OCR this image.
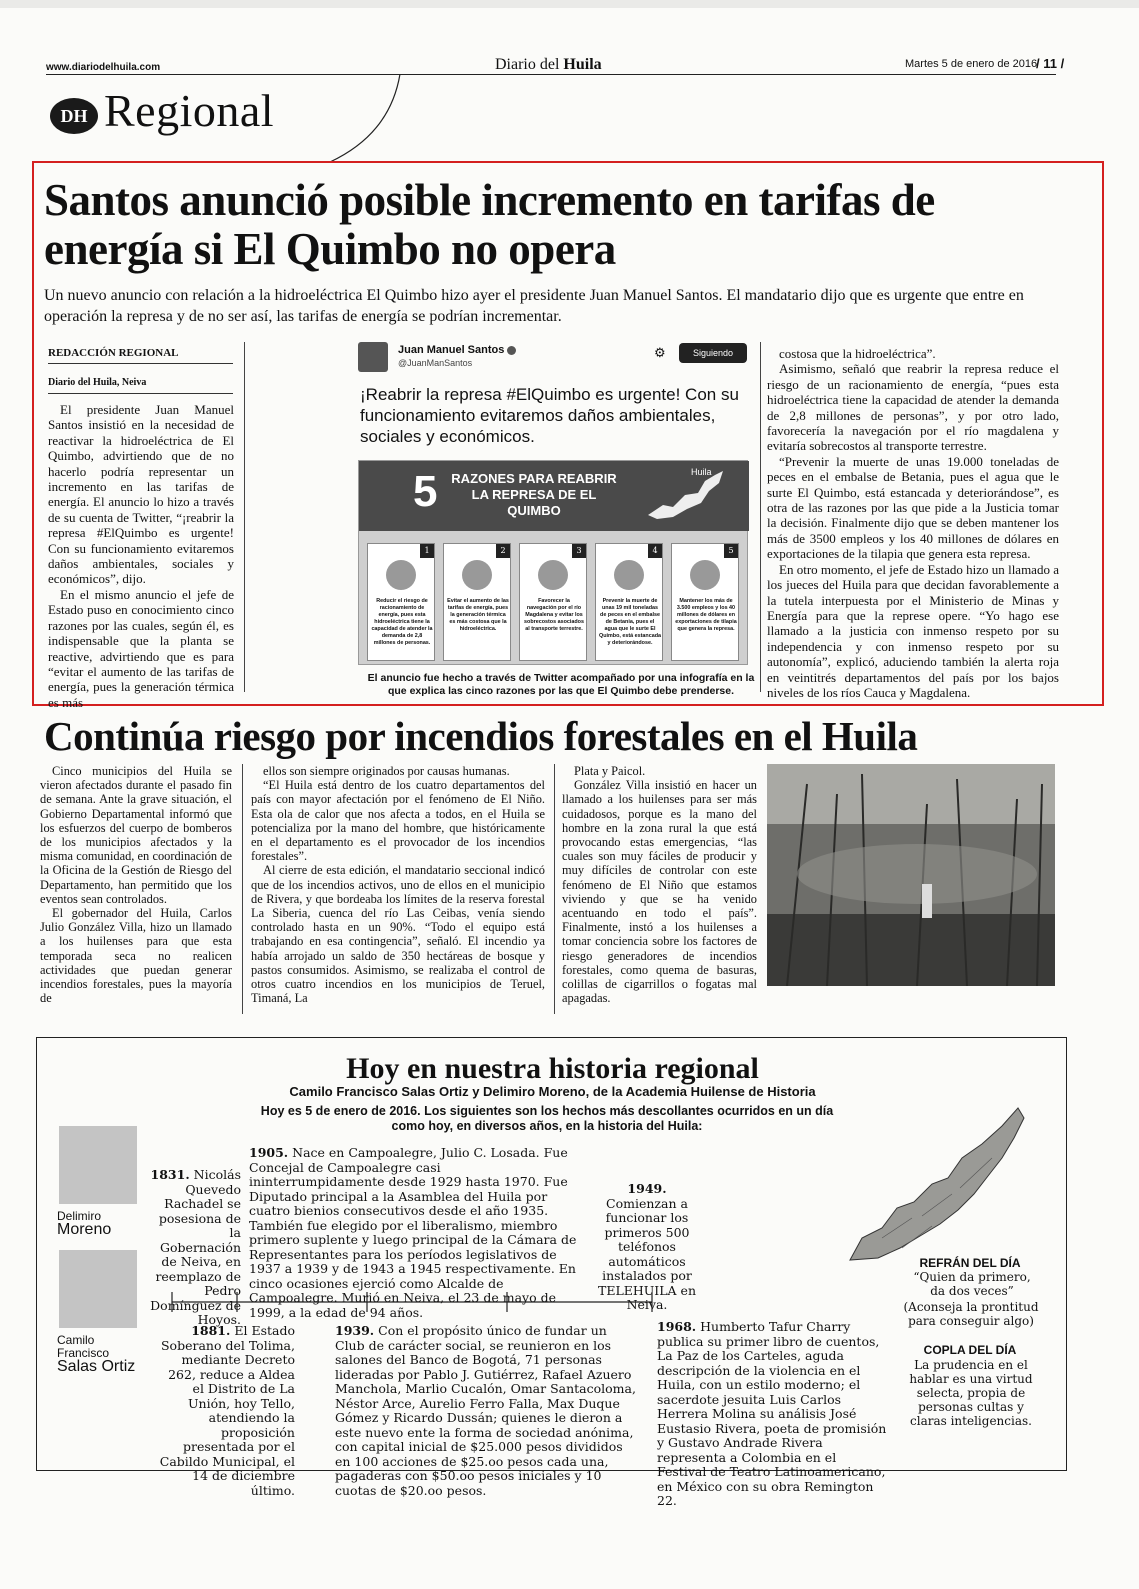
www.diariodelhuila.com	Diario del Huila	Martes 5 de enero de 2016
/ 11 /
DH Regional
Santos anunció posible incremento en tarifas de energía si El Quimbo no opera
Un nuevo anuncio con relación a la hidroeléctrica El Quimbo hizo ayer el presidente Juan Manuel Santos. El mandatario dijo que es urgente que entre en operación la represa y de no ser así, las tarifas de energía se podrían incrementar.
REDACCIÓN REGIONAL
Diario del Huila, Neiva

El presidente Juan Manuel Santos insistió en la necesidad de reactivar la hidroeléctrica de El Quimbo, advirtiendo que de no hacerlo podría representar un incremento en las tarifas de energía. El anuncio lo hizo a través de su cuenta de Twitter, “¡reabrir la represa #ElQuimbo es urgente! Con su funcionamiento evitaremos daños ambientales, sociales y económicos”, dijo.

En el mismo anuncio el jefe de Estado puso en conocimiento cinco razones por las cuales, según él, es indispensable que la planta se reactive, advirtiendo que es para “evitar el aumento de las tarifas de energía, pues la generación térmica es más

Juan Manuel Santos
@JuanManSantos
⚙	Siguiendo
¡Reabrir la represa #ElQuimbo es urgente! Con su funcionamiento evitaremos daños ambientales, sociales y económicos.
5 RAZONES PARA REABRIR LA REPRESA DE EL QUIMBO
Huila
1
Reducir el riesgo de racionamiento de energía, pues esta hidroeléctrica tiene la capacidad de atender la demanda de 2,8 millones de personas.
2
Evitar el aumento de las tarifas de energía, pues la generación térmica es más costosa que la hidroeléctrica.
3
Favorecer la navegación por el río Magdalena y evitar los sobrecostos asociados al transporte terrestre.
4
Prevenir la muerte de unas 19 mil toneladas de peces en el embalse de Betania, pues el agua que le surte El Quimbo, está estancada y deteriorándose.
5
Mantener los más de 3.500 empleos y los 40 millones de dólares en exportaciones de tilapia que genera la represa.
El anuncio fue hecho a través de Twitter acompañado por una infografía en la que explica las cinco razones por las que El Quimbo debe prenderse.

costosa que la hidroeléctrica”.

Asimismo, señaló que reabrir la represa reduce el riesgo de un racionamiento de energía, “pues esta hidroeléctrica tiene la capacidad de atender la demanda de 2,8 millones de personas”, y por otro lado, favorecería la navegación por el río magdalena y evitaría sobrecostos al transporte terrestre.

“Prevenir la muerte de unas 19.000 toneladas de peces en el embalse de Betania, pues el agua que le surte El Quimbo, está estancada y deteriorándose”, es otra de las razones por las que pide a la Justicia tomar la decisión. Finalmente dijo que se deben mantener los más de 3500 empleos y los 40 millones de dólares en exportaciones de la tilapia que genera esta represa.

En otro momento, el jefe de Estado hizo un llamado a los jueces del Huila para que decidan favorablemente a la tutela interpuesta por el Ministerio de Minas y Energía para que la represe opere. “Yo hago ese llamado a la justicia con inmenso respeto por su independencia y con inmenso respeto por su autonomía”, explicó, aduciendo también la alerta roja en veintitrés departamentos del país por los bajos niveles de los ríos Cauca y Magdalena.

Continúa riesgo por incendios forestales en el Huila

Cinco municipios del Huila se vieron afectados durante el pasado fin de semana. Ante la grave situación, el Gobierno Departamental informó que los esfuerzos del cuerpo de bomberos de los municipios afectados y la misma comunidad, en coordinación de la Oficina de la Gestión de Riesgo del Departamento, han permitido que los eventos sean controlados.

El gobernador del Huila, Carlos Julio González Villa, hizo un llamado a los huilenses para que esta temporada seca no realicen actividades que puedan generar incendios forestales, pues la mayoría de

ellos son siempre originados por causas humanas.

“El Huila está dentro de los cuatro departamentos del país con mayor afectación por el fenómeno de El Niño. Esta ola de calor que nos afecta a todos, en el Huila se potencializa por la mano del hombre, que históricamente en el departamento es el provocador de los incendios forestales”.

Al cierre de esta edición, el mandatario seccional indicó que de los incendios activos, uno de ellos en el municipio de Rivera, y que bordeaba los límites de la reserva forestal La Siberia, cuenca del río Las Ceibas, venía siendo controlado hasta en un 90%. “Todo el equipo está trabajando en esa contingencia”, señaló. El incendio ya había arrojado un saldo de 350 hectáreas de bosque y pastos consumidos. Asimismo, se realizaba el control de otros cuatro incendios en los municipios de Teruel, Timaná, La

Plata y Paicol.

González Villa insistió en hacer un llamado a los huilenses para ser más cuidadosos, porque es la mano del hombre en la zona rural la que está provocando estas emergencias, “las cuales son muy fáciles de producir y muy difíciles de controlar con este fenómeno de El Niño que estamos viviendo y que se ha venido acentuando en todo el país”. Finalmente, instó a los huilenses a tomar conciencia sobre los factores de riesgo generadores de incendios forestales, como quema de basuras, colillas de cigarrillos o fogatas mal apagadas.

Hoy en nuestra historia regional
Camilo Francisco Salas Ortiz y Delimiro Moreno, de la Academia Huilense de Historia
Hoy es 5 de enero de 2016. Los siguientes son los hechos más descollantes ocurridos en un día como hoy, en diversos años, en la historia del Huila:
Delimiro
Moreno
Camilo Francisco
Salas Ortiz
1831. Nicolás Quevedo Rachadel se posesiona de la Gobernación de Neiva, en reemplazo de Pedro Domínguez de Hoyos.
1905. Nace en Campoalegre, Julio C. Losada. Fue Concejal de Campoalegre casi ininterrumpidamente desde 1929 hasta 1970. Fue Diputado principal a la Asamblea del Huila por cuatro bienios consecutivos desde el año 1935. También fue elegido por el liberalismo, miembro primero suplente y luego principal de la Cámara de Representantes para los períodos legislativos de 1937 a 1939 y de 1943 a 1945 respectivamente. En cinco ocasiones ejerció como Alcalde de Campoalegre. Murió en Neiva, el 23 de mayo de 1999, a la edad de 94 años.
1949. Comienzan a funcionar los primeros 500 teléfonos automáticos instalados por TELEHUILA en Neiva.
1881. El Estado Soberano del Tolima, mediante Decreto 262, reduce a Aldea el Distrito de La Unión, hoy Tello, atendiendo la proposición presentada por el Cabildo Municipal, el 14 de diciembre último.
1939. Con el propósito único de fundar un Club de carácter social, se reunieron en los salones del Banco de Bogotá, 71 personas lideradas por Pablo J. Gutiérrez, Rafael Azuero Manchola, Marlio Cucalón, Omar Santacoloma, Néstor Arce, Aurelio Ferro Falla, Max Duque Gómez y Ricardo Dussán; quienes le dieron a este nuevo ente la forma de sociedad anónima, con capital inicial de $25.000 pesos divididos en 100 acciones de $25.oo pesos cada una, pagaderas con $50.oo pesos iniciales y 10 cuotas de $20.oo pesos.
1968. Humberto Tafur Charry publica su primer libro de cuentos, La Paz de los Carteles, aguda descripción de la violencia en el Huila, con un estilo moderno; el sacerdote jesuita Luis Carlos Herrera Molina su análisis José Eustasio Rivera, poeta de promisión y Gustavo Andrade Rivera representa a Colombia en el Festival de Teatro Latinoamericano, en México con su obra Remington 22.
REFRÁN DEL DÍA
“Quien da primero, da dos veces”
(Aconseja la prontitud para conseguir algo)
COPLA DEL DÍA
La prudencia en el hablar es una virtud selecta, propia de personas cultas y claras inteligencias.
